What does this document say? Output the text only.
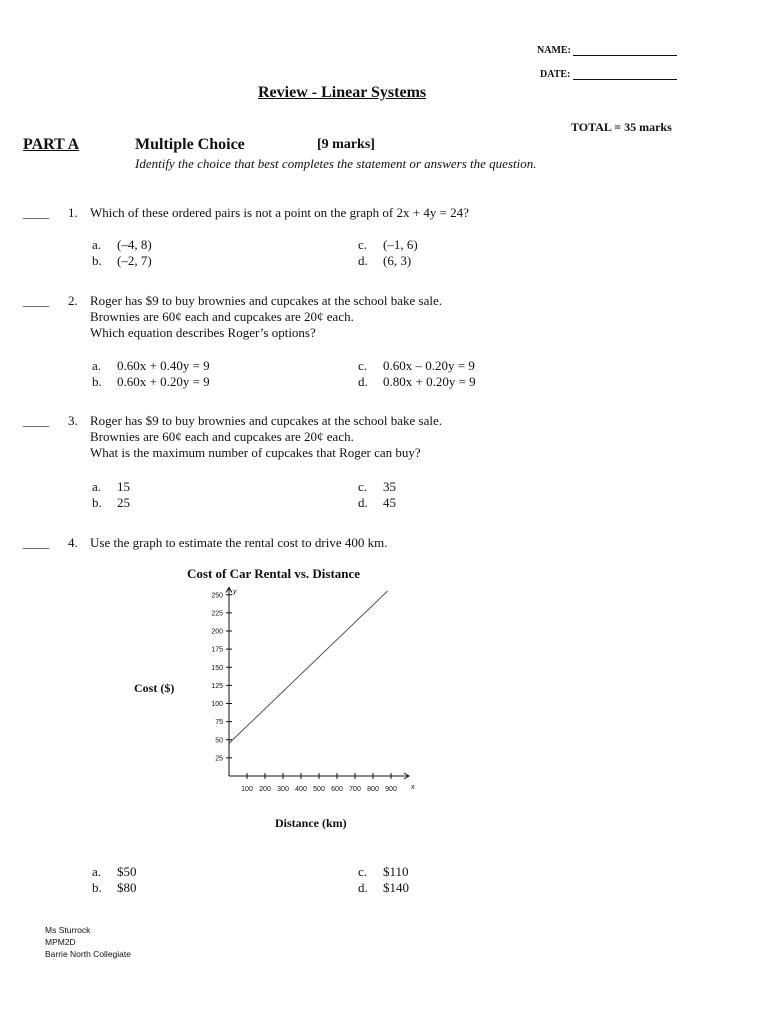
NAME:
DATE:
Review - Linear Systems
TOTAL = 35 marks
PART A	Multiple Choice	[9 marks]
Identify the choice that best completes the statement or answers the question.
____ 1. Which of these ordered pairs is not a point on the graph of 2x + 4y = 24?
a. (–4, 8)
b. (–2, 7)
c. (–1, 6)
d. (6, 3)
____ 2. Roger has $9 to buy brownies and cupcakes at the school bake sale.
Brownies are 60¢ each and cupcakes are 20¢ each.
Which equation describes Roger’s options?
a. 0.60x + 0.40y = 9
b. 0.60x + 0.20y = 9
c. 0.60x – 0.20y = 9
d. 0.80x + 0.20y = 9
____ 3. Roger has $9 to buy brownies and cupcakes at the school bake sale.
Brownies are 60¢ each and cupcakes are 20¢ each.
What is the maximum number of cupcakes that Roger can buy?
a. 15
b. 25
c. 35
d. 45
____ 4. Use the graph to estimate the rental cost to drive 400 km.
a. $50
b. $80
c. $110
d. $140
Cost of Car Rental vs. Distance
Cost ($)
Distance (km)
100 200 300 400 500 600 700 800 900
25
50
75
100
125
150
175
200
225
250
x
y
Ms Sturrock
MPM2D
Barrie North Collegiate
